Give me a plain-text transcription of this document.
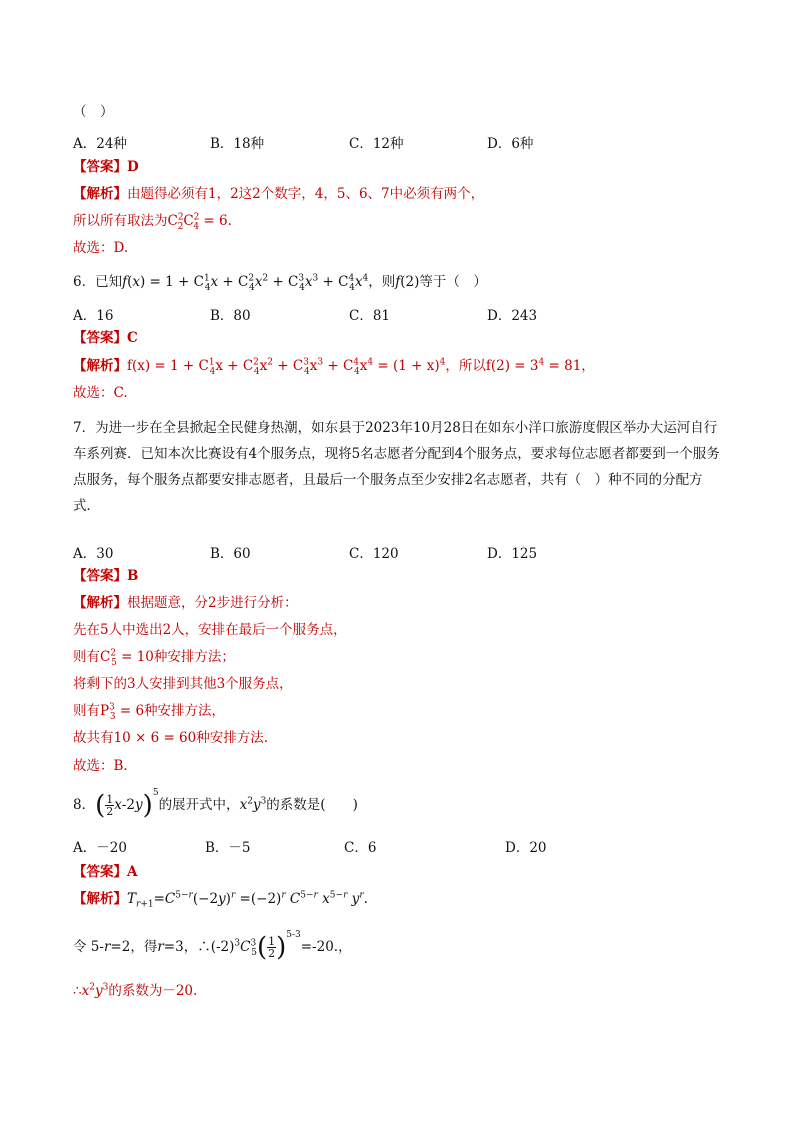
（　）
A．24种	B．18种	C．12种	D．6种
【答案】D
【解析】由题得必须有1，2这2个数字，4，5、6、7中必须有两个，
所以所有取法为$C^2_2C^2_4 = 6$.
故选：D.
6．已知$f(x) = 1 + C^1_4x + C^2_4x^2 + C^3_4x^3 + C^4_4x^4$，则f(2)等于（　）
A．16	B．80	C．81	D．243
【答案】C
【解析】$f(x) = 1 + C^1_4x + C^2_4x^2 + C^3_4x^3 + C^4_4x^4 = (1 + x)^4$，所以$f(2) = 3^4 = 81$，
故选：C.
7．为进一步在全县掀起全民健身热潮，如东县于2023年10月28日在如东小洋口旅游度假区举办大运河自行车系列赛．已知本次比赛设有4个服务点，现将5名志愿者分配到4个服务点，要求每位志愿者都要到一个服务点服务，每个服务点都要安排志愿者，且最后一个服务点至少安排2名志愿者，共有（　）种不同的分配方式．
A．30	B．60	C．120	D．125
【答案】B
【解析】根据题意，分2步进行分析：
先在5人中选出2人，安排在最后一个服务点，
则有$C^2_5 = 10$种安排方法；
将剩下的3人安排到其他3个服务点，
则有$P^3_3 = 6$种安排方法，
故共有10 × 6 = 60种安排方法.
故选：B.
8．( $\frac{1}{2} x-2y)^5$的展开式中，$x^2y^3$的系数是(　　)
A．－20	B．－5	C．6	D．20
【答案】A
【解析】$T_{r+1}=C^{5-r}(-2y)^r =(-2)^r$ $C^{5-r}$ $x^{5-r}$ $y^r$.
令 5-r=2，得r=3，$\therefore(-2)^3C^3_5( \frac{1}{2} )^{5-3}=-20$.，
$\therefore x^2y^3$的系数为－20.
